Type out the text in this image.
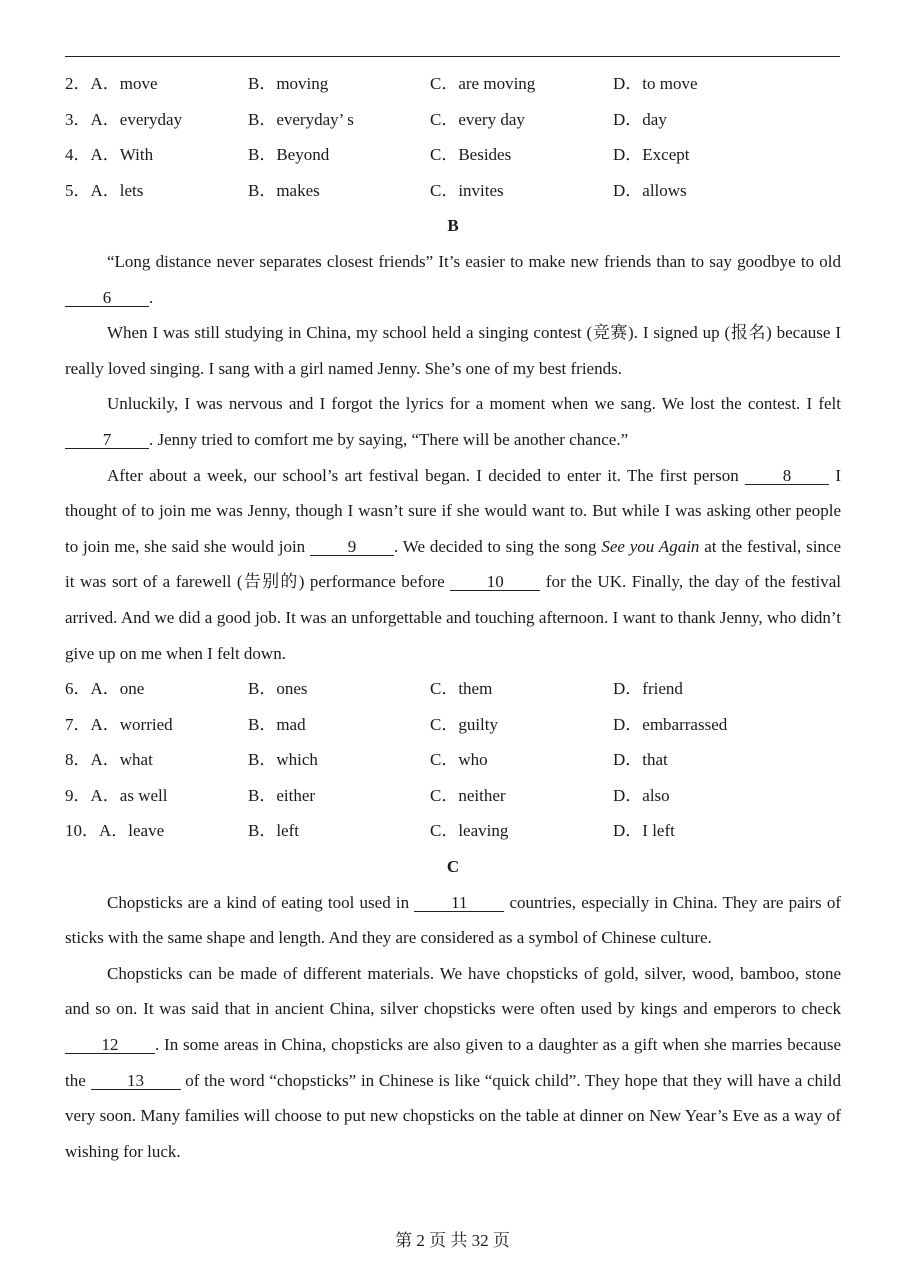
2．A．move	B．moving	C．are moving	D．to move
3．A．everyday	B．everyday’ s	C．every day	D．day
4．A．With	B．Beyond	C．Besides	D．Except
5．A．lets	B．makes	C．invites	D．allows
B

“Long distance never separates closest friends” It’s easier to make new friends than to say goodbye to old 6 .

When I was still studying in China, my school held a singing contest (竞赛). I signed up (报名) because I really loved singing. I sang with a girl named Jenny. She’s one of my best friends.

Unluckily, I was nervous and I forgot the lyrics for a moment when we sang. We lost the contest. I felt 7 . Jenny tried to comfort me by saying, “There will be another chance.”

After about a week, our school’s art festival began. I decided to enter it. The first person 8 I thought of to join me was Jenny, though I wasn’t sure if she would want to. But while I was asking other people to join me, she said she would join 9 . We decided to sing the song See you Again at the festival, since it was sort of a farewell (告别的) performance before 10 for the UK. Finally, the day of the festival arrived. And we did a good job. It was an unforgettable and touching afternoon. I want to thank Jenny, who didn’t give up on me when I felt down.

6．A．one	B．ones	C．them	D．friend
7．A．worried	B．mad	C．guilty	D．embarrassed
8．A．what	B．which	C．who	D．that
9．A．as well	B．either	C．neither	D．also
10．A．leave	B．left	C．leaving	D．I left
C

Chopsticks are a kind of eating tool used in 11 countries, especially in China. They are pairs of sticks with the same shape and length. And they are considered as a symbol of Chinese culture.

Chopsticks can be made of different materials. We have chopsticks of gold, silver, wood, bamboo, stone and so on. It was said that in ancient China, silver chopsticks were often used by kings and emperors to check 12 . In some areas in China, chopsticks are also given to a daughter as a gift when she marries because the 13 of the word “chopsticks” in Chinese is like “quick child”. They hope that they will have a child very soon. Many families will choose to put new chopsticks on the table at dinner on New Year’s Eve as a way of wishing for luck.

第 2 页 共 32 页
